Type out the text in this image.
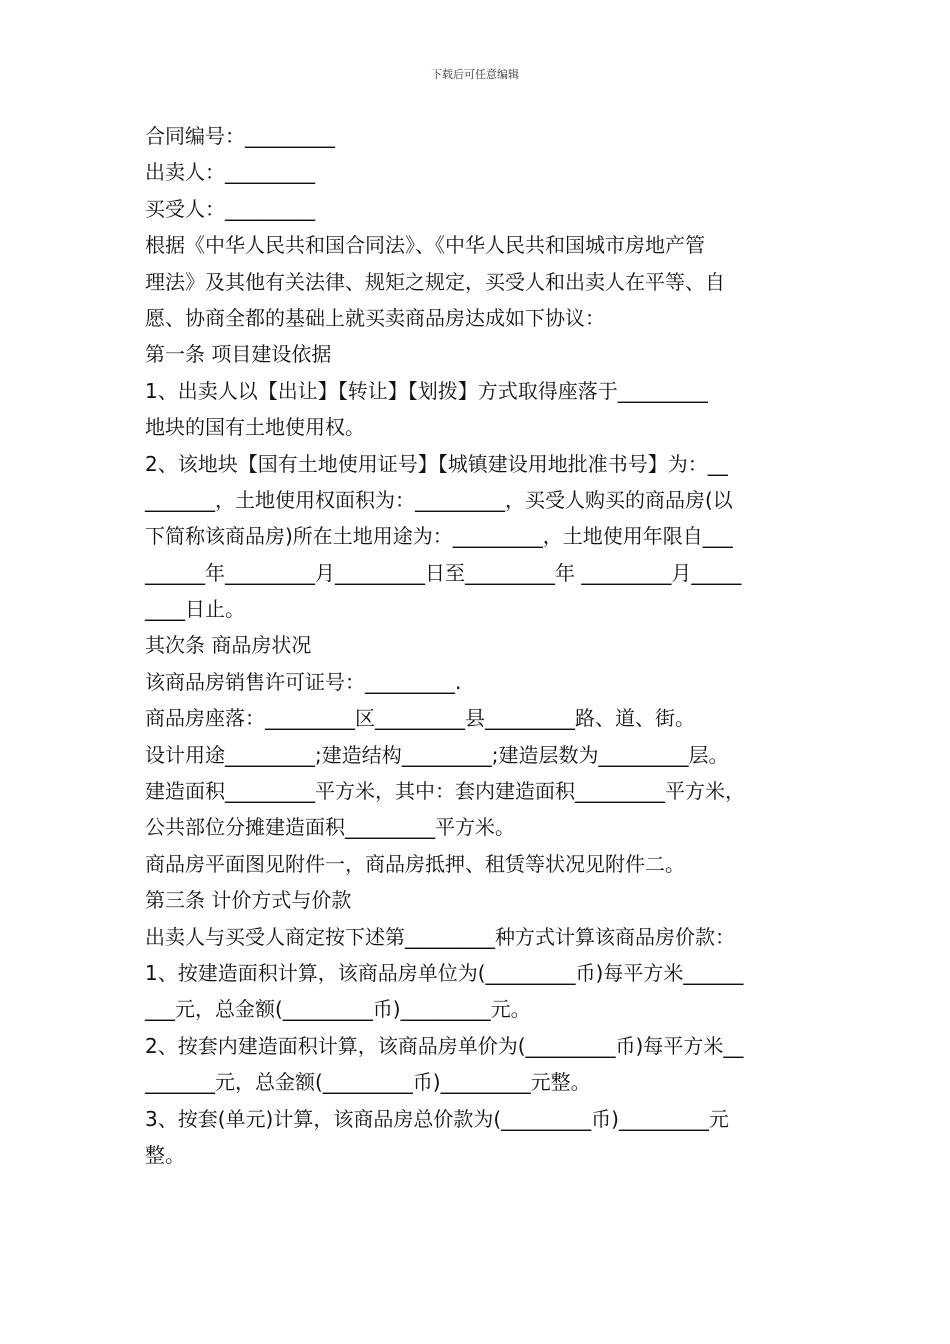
下载后可任意编辑
合同编号：_________
出卖人：_________
买受人：_________
根据《中华人民共和国合同法》、《中华人民共和国城市房地产管
理法》及其他有关法律、规矩之规定，买受人和出卖人在平等、自
愿、协商全都的基础上就买卖商品房达成如下协议：
第一条 项目建设依据
1、出卖人以【出让】【转让】【划拨】方式取得座落于_________
地块的国有土地使用权。
2、该地块【国有土地使用证号】【城镇建设用地批准书号】为：__
_______，土地使用权面积为：_________，买受人购买的商品房(以
下简称该商品房)所在土地用途为：_________，土地使用年限自___
______年_________月_________日至_________年 _________月_____
____日止。
其次条 商品房状况
该商品房销售许可证号：_________.
商品房座落：_________区_________县_________路、道、街。
设计用途_________;建造结构_________;建造层数为_________层。
建造面积_________平方米，其中：套内建造面积_________平方米，
公共部位分摊建造面积_________平方米。
商品房平面图见附件一，商品房抵押、租赁等状况见附件二。
第三条 计价方式与价款
出卖人与买受人商定按下述第_________种方式计算该商品房价款：
1、按建造面积计算，该商品房单位为(_________币)每平方米______
___元，总金额(_________币)_________元。
2、按套内建造面积计算，该商品房单价为(_________币)每平方米__
_______元，总金额(_________币)_________元整。
3、按套(单元)计算，该商品房总价款为(_________币)_________元
整。
